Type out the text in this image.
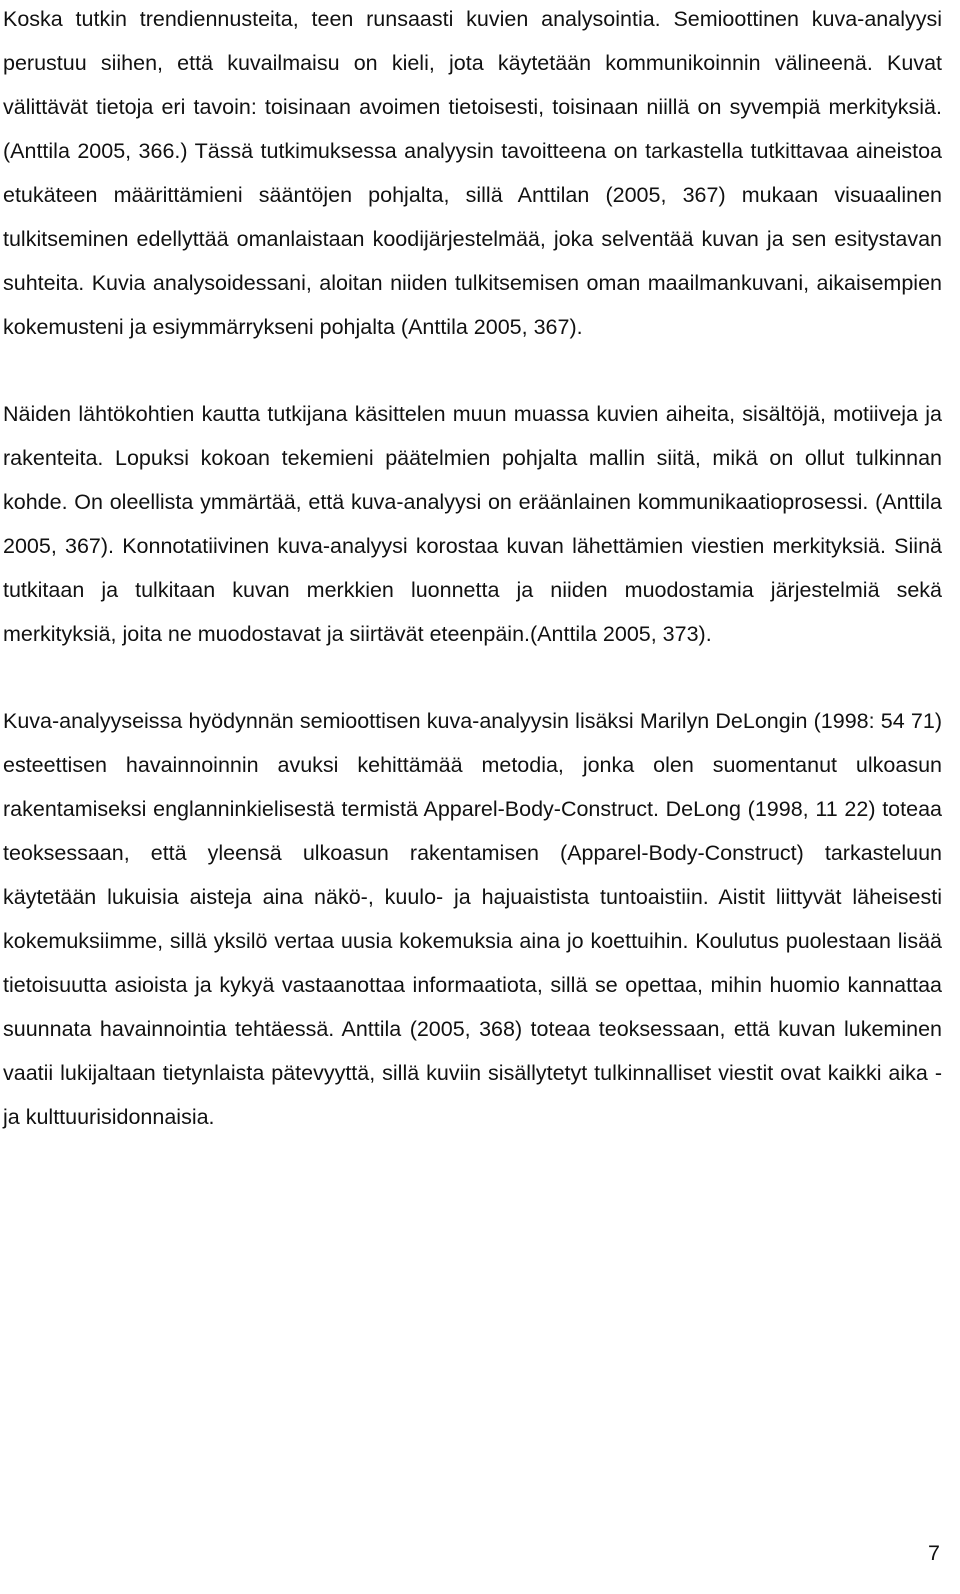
Koska tutkin trendiennusteita, teen runsaasti kuvien analysointia. Semioottinen kuva-analyysi perustuu siihen, että kuvailmaisu on kieli, jota käytetään kommunikoinnin välineenä. Kuvat välittävät tietoja eri tavoin: toisinaan avoimen tietoisesti, toisinaan niillä on syvempiä merkityksiä. (Anttila 2005, 366.) Tässä tutkimuksessa analyysin tavoitteena on tarkastella tutkittavaa aineistoa etukäteen määrittämieni sääntöjen pohjalta, sillä Anttilan (2005, 367) mukaan visuaalinen tulkitseminen edellyttää omanlaistaan koodijärjestelmää, joka selventää kuvan ja sen esitystavan suhteita. Kuvia analysoidessani, aloitan niiden tulkitsemisen oman maailmankuvani, aikaisempien kokemusteni ja esiymmärrykseni pohjalta (Anttila 2005, 367).

Näiden lähtökohtien kautta tutkijana käsittelen muun muassa kuvien aiheita, sisältöjä, motiiveja ja rakenteita. Lopuksi kokoan tekemieni päätelmien pohjalta mallin siitä, mikä on ollut tulkinnan kohde. On oleellista ymmärtää, että kuva-analyysi on eräänlainen kommunikaatioprosessi. (Anttila 2005, 367). Konnotatiivinen kuva-analyysi korostaa kuvan lähettämien viestien merkityksiä. Siinä tutkitaan ja tulkitaan kuvan merkkien luonnetta ja niiden muodostamia järjestelmiä sekä merkityksiä, joita ne muodostavat ja siirtävät eteenpäin.(Anttila 2005, 373).

Kuva-analyyseissa hyödynnän semioottisen kuva-analyysin lisäksi Marilyn DeLongin (1998: 54 71) esteettisen havainnoinnin avuksi kehittämää metodia, jonka olen suomentanut ulkoasun rakentamiseksi englanninkielisestä termistä Apparel-Body-Construct. DeLong (1998, 11 22) toteaa teoksessaan, että yleensä ulkoasun rakentamisen (Apparel-Body-Construct) tarkasteluun käytetään lukuisia aisteja aina näkö-, kuulo- ja hajuaistista tuntoaistiin. Aistit liittyvät läheisesti kokemuksiimme, sillä yksilö vertaa uusia kokemuksia aina jo koettuihin. Koulutus puolestaan lisää tietoisuutta asioista ja kykyä vastaanottaa informaatiota, sillä se opettaa, mihin huomio kannattaa suunnata havainnointia tehtäessä. Anttila (2005, 368) toteaa teoksessaan, että kuvan lukeminen vaatii lukijaltaan tietynlaista pätevyyttä, sillä kuviin sisällytetyt tulkinnalliset viestit ovat kaikki aika - ja kulttuurisidonnaisia.

7
